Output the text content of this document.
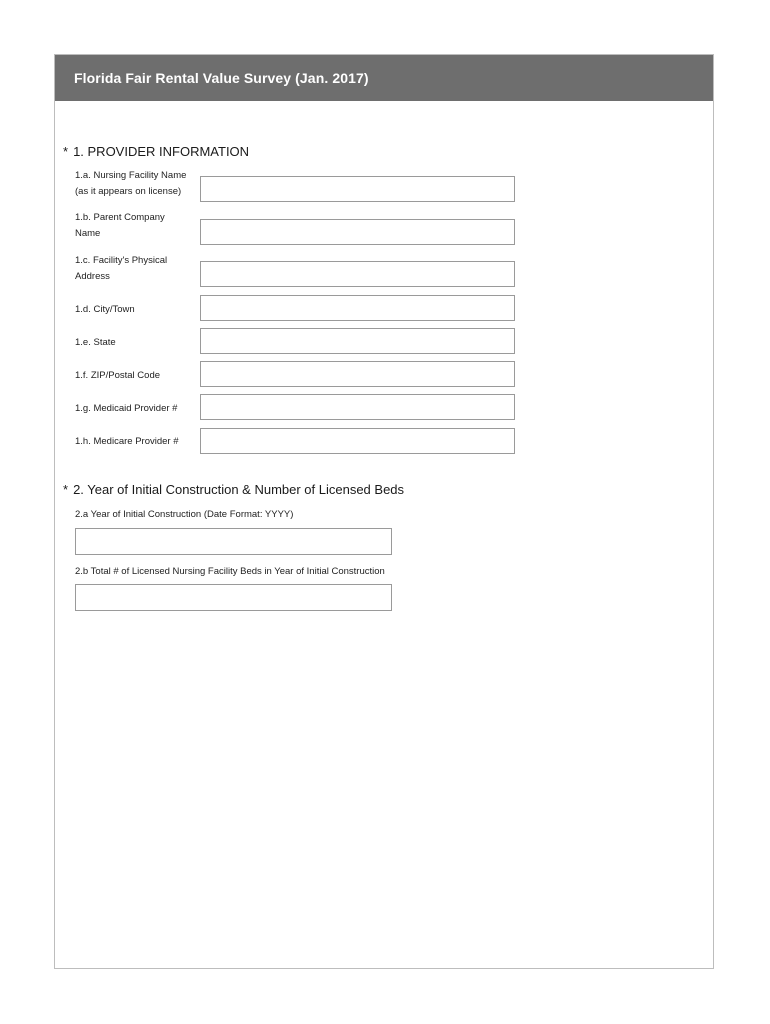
Florida Fair Rental Value Survey (Jan. 2017)
* 1. PROVIDER INFORMATION
1.a. Nursing Facility Name
(as it appears on license)
1.b. Parent Company
Name
1.c. Facility's Physical
Address
1.d. City/Town
1.e. State
1.f. ZIP/Postal Code
1.g. Medicaid Provider #
1.h. Medicare Provider #
* 2. Year of Initial Construction & Number of Licensed Beds
2.a Year of Initial Construction (Date Format: YYYY)
2.b Total # of Licensed Nursing Facility Beds in Year of Initial Construction
